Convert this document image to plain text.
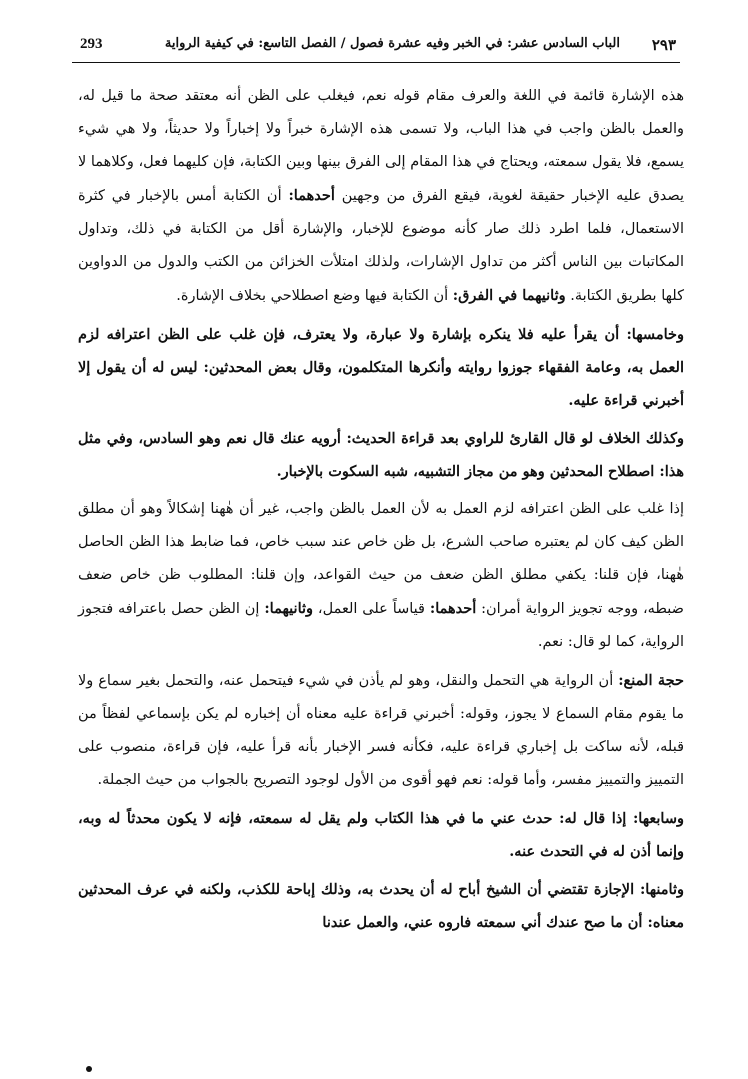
293	الباب السادس عشر: في الخبر وفيه عشرة فصول / الفصل التاسع: في كيفية الرواية ٢٩٣

هذه الإشارة قائمة في اللغة والعرف مقام قوله نعم، فيغلب على الظن أنه معتقد صحة ما قيل له، والعمل بالظن واجب في هذا الباب، ولا تسمى هذه الإشارة خبراً ولا إخباراً ولا حديثاً، ولا هي شيء يسمع، فلا يقول سمعته، ويحتاج في هذا المقام إلى الفرق بينها وبين الكتابة، فإن كليهما فعل، وكلاهما لا يصدق عليه الإخبار حقيقة لغوية، فيقع الفرق من وجهين أحدهما: أن الكتابة أمس بالإخبار في كثرة الاستعمال، فلما اطرد ذلك صار كأنه موضوع للإخبار، والإشارة أقل من الكتابة في ذلك، وتداول المكاتبات بين الناس أكثر من تداول الإشارات، ولذلك امتلأت الخزائن من الكتب والدول من الدواوين كلها بطريق الكتابة. وثانيهما في الفرق: أن الكتابة فيها وضع اصطلاحي بخلاف الإشارة.

وخامسها: أن يقرأ عليه فلا ينكره بإشارة ولا عبارة، ولا يعترف، فإن غلب على الظن اعترافه لزم العمل به، وعامة الفقهاء جوزوا روايته وأنكرها المتكلمون، وقال بعض المحدثين: ليس له أن يقول إلا أخبرني قراءة عليه.

وكذلك الخلاف لو قال القارئ للراوي بعد قراءة الحديث: أرويه عنك قال نعم وهو السادس، وفي مثل هذا: اصطلاح المحدثين وهو من مجاز التشبيه، شبه السكوت بالإخبار.

إذا غلب على الظن اعترافه لزم العمل به لأن العمل بالظن واجب، غير أن هٰهنا إشكالاً وهو أن مطلق الظن كيف كان لم يعتبره صاحب الشرع، بل ظن خاص عند سبب خاص، فما ضابط هذا الظن الحاصل هٰهنا، فإن قلنا: يكفي مطلق الظن ضعف من حيث القواعد، وإن قلنا: المطلوب ظن خاص ضعف ضبطه، ووجه تجويز الرواية أمران: أحدهما: قياساً على العمل، وثانيهما: إن الظن حصل باعترافه فتجوز الرواية، كما لو قال: نعم.

حجة المنع: أن الرواية هي التحمل والنقل، وهو لم يأذن في شيء فيتحمل عنه، والتحمل بغير سماع ولا ما يقوم مقام السماع لا يجوز، وقوله: أخبرني قراءة عليه معناه أن إخباره لم يكن بإسماعي لفظاً من قبله، لأنه ساكت بل إخباري قراءة عليه، فكأنه فسر الإخبار بأنه قرأ عليه، فإن قراءة، منصوب على التمييز والتمييز مفسر، وأما قوله: نعم فهو أقوى من الأول لوجود التصريح بالجواب من حيث الجملة.

وسابعها: إذا قال له: حدث عني ما في هذا الكتاب ولم يقل له سمعته، فإنه لا يكون محدثاً له وبه، وإنما أذن له في التحدث عنه.

وثامنها: الإجازة تقتضي أن الشيخ أباح له أن يحدث به، وذلك إباحة للكذب، ولكنه في عرف المحدثين معناه: أن ما صح عندك أني سمعته فاروه عني، والعمل عندنا
